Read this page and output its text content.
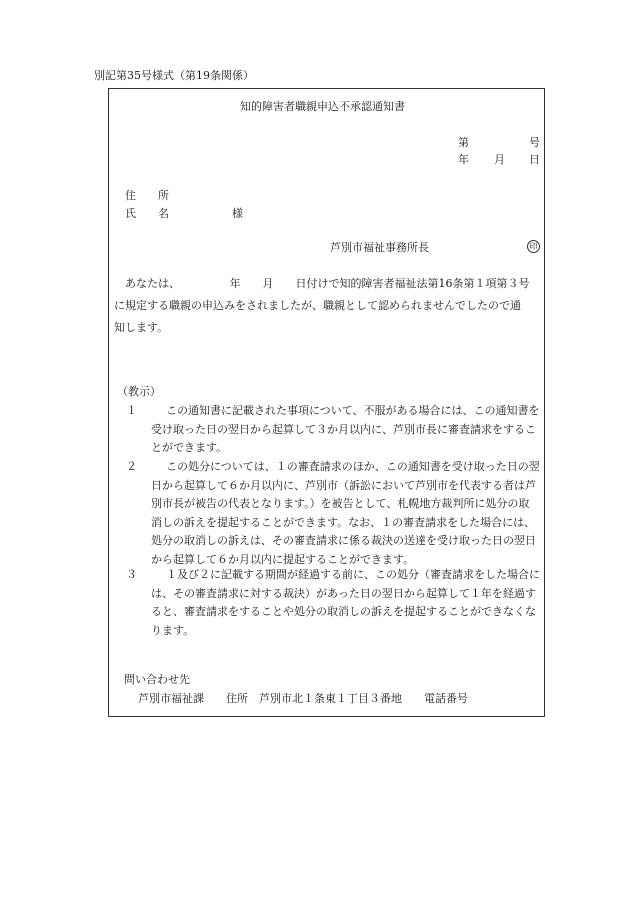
別記第35号様式（第19条関係）
知的障害者職親申込不承認通知書
第	号
年 月 日
住　　所
氏　　名	様
芦別市福祉事務所長	印
あなたは、　　　　　年　　月　　日付けで知的障害者福祉法第16条第１項第３号
に規定する職親の申込みをされましたが、職親として認められませんでしたので通
知します。
（教示）
１	この通知書に記載された事項について、不服がある場合には、この通知書を
受け取った日の翌日から起算して３か月以内に、芦別市長に審査請求をするこ
とができます。
２	この処分については、１の審査請求のほか、この通知書を受け取った日の翌
日から起算して６か月以内に、芦別市（訴訟において芦別市を代表する者は芦
別市長が被告の代表となります。）を被告として、札幌地方裁判所に処分の取
消しの訴えを提起することができます。なお、１の審査請求をした場合には、
処分の取消しの訴えは、その審査請求に係る裁決の送達を受け取った日の翌日
から起算して６か月以内に提起することができます。
３	１及び２に記載する期間が経過する前に、この処分（審査請求をした場合に
は、その審査請求に対する裁決）があった日の翌日から起算して１年を経過す
ると、審査請求をすることや処分の取消しの訴えを提起することができなくな
ります。
問い合わせ先
芦別市福祉課　　住所　芦別市北１条東１丁目３番地　　電話番号
